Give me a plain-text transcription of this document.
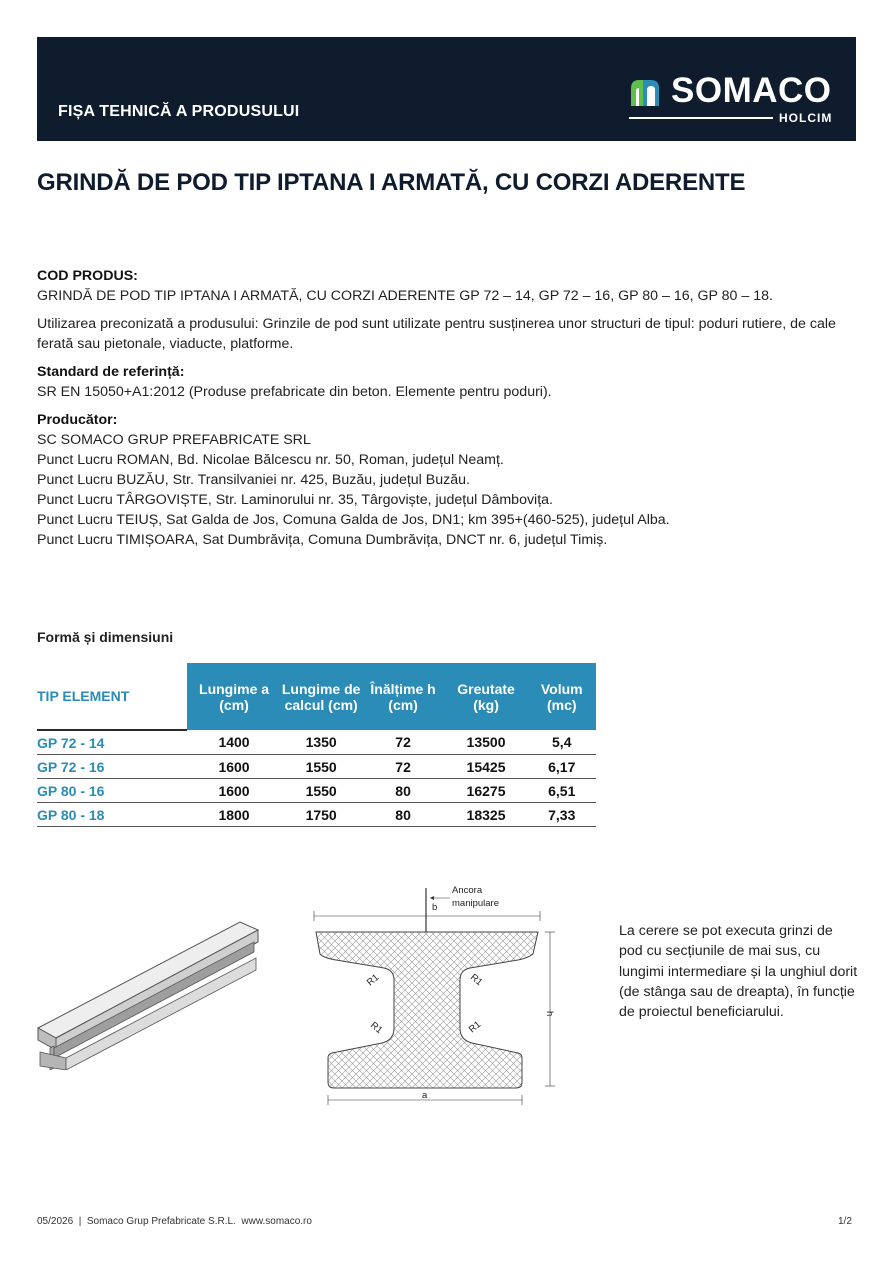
FIȘA TEHNICĂ A PRODUSULUI
SOMACO
HOLCIM
GRINDĂ DE POD TIP IPTANA I ARMATĂ, CU CORZI ADERENTE

COD PRODUS:

GRINDĂ DE POD TIP IPTANA I ARMATĂ, CU CORZI ADERENTE GP 72 – 14, GP 72 – 16, GP 80 – 16, GP 80 – 18.

Utilizarea preconizată a produsului: Grinzile de pod sunt utilizate pentru susținerea unor structuri de tipul: poduri rutiere, de cale ferată sau pietonale, viaducte, platforme.

Standard de referință:

SR EN 15050+A1:2012 (Produse prefabricate din beton. Elemente pentru poduri).

Producător:

SC SOMACO GRUP PREFABRICATE SRL

Punct Lucru ROMAN, Bd. Nicolae Bălcescu nr. 50, Roman, județul Neamț.

Punct Lucru BUZĂU, Str. Transilvaniei nr. 425, Buzău, județul Buzău.

Punct Lucru TÂRGOVIȘTE, Str. Laminorului nr. 35, Târgoviște, județul Dâmbovița.

Punct Lucru TEIUȘ, Sat Galda de Jos, Comuna Galda de Jos, DN1; km 395+(460-525), județul Alba.

Punct Lucru TIMIȘOARA, Sat Dumbrăvița, Comuna Dumbrăvița, DNCT nr. 6, județul Timiș.

Formă și dimensiuni
TIP ELEMENT	Lungime a (cm)	Lungime de calcul (cm)	Înălțime h (cm)	Greutate (kg)	Volum (mc)
GP 72 - 14	1400	1350	72	13500	5,4
GP 72 - 16	1600	1550	72	15425	6,17
GP 80 - 16	1600	1550	80	16275	6,51
GP 80 - 18	1800	1750	80	18325	7,33
Ancora
manipulare
b
h
a
R1	R1
R1	R1
La cerere se pot executa grinzi de pod cu secțiunile de mai sus, cu lungimi intermediare și la unghiul dorit (de stânga sau de dreapta), în funcție de proiectul beneficiarului.
05/2026  |  Somaco Grup Prefabricate S.R.L.  www.somaco.ro	1/2
